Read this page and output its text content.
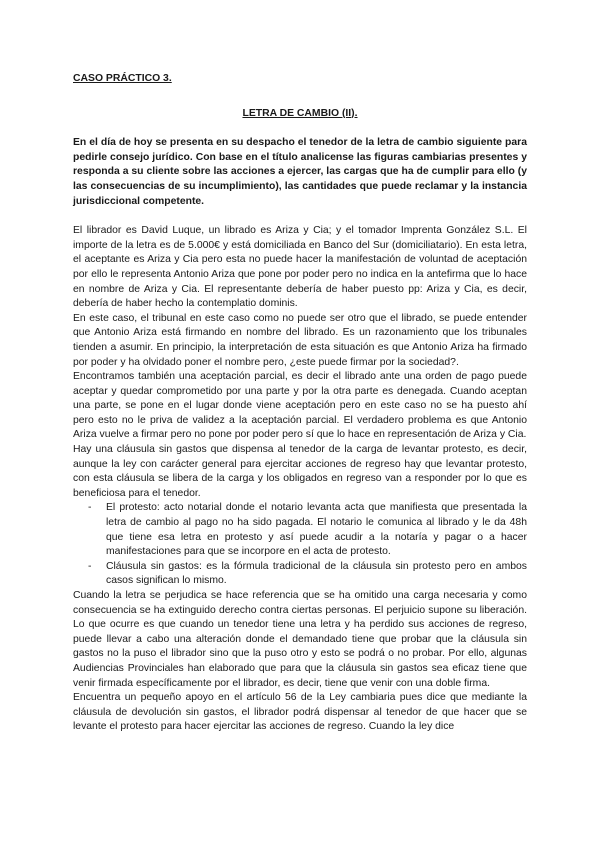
CASO PRÁCTICO 3.

LETRA DE CAMBIO (II).

En el día de hoy se presenta en su despacho el tenedor de la letra de cambio siguiente para pedirle consejo jurídico. Con base en el título analicense las figuras cambiarias presentes y responda a su cliente sobre las acciones a ejercer, las cargas que ha de cumplir para ello (y las consecuencias de su incumplimiento), las cantidades que puede reclamar y la instancia jurisdiccional competente.

El librador es David Luque, un librado es Ariza y Cia; y el tomador Imprenta González S.L. El importe de la letra es de 5.000€ y está domiciliada en Banco del Sur (domiciliatario). En esta letra, el aceptante es Ariza y Cia pero esta no puede hacer la manifestación de voluntad de aceptación por ello le representa Antonio Ariza que pone por poder pero no indica en la antefirma que lo hace en nombre de Ariza y Cia. El representante debería de haber puesto pp: Ariza y Cia, es decir, debería de haber hecho la contemplatio dominis.

En este caso, el tribunal en este caso como no puede ser otro que el librado, se puede entender que Antonio Ariza está firmando en nombre del librado. Es un razonamiento que los tribunales tienden a asumir. En principio, la interpretación de esta situación es que Antonio Ariza ha firmado por poder y ha olvidado poner el nombre pero, ¿este puede firmar por la sociedad?.

Encontramos también una aceptación parcial, es decir el librado ante una orden de pago puede aceptar y quedar comprometido por una parte y por la otra parte es denegada. Cuando aceptan una parte, se pone en el lugar donde viene aceptación pero en este caso no se ha puesto ahí pero esto no le priva de validez a la aceptación parcial. El verdadero problema es que Antonio Ariza vuelve a firmar pero no pone por poder pero sí que lo hace en representación de Ariza y Cia.

Hay una cláusula sin gastos que dispensa al tenedor de la carga de levantar protesto, es decir, aunque la ley con carácter general para ejercitar acciones de regreso hay que levantar protesto, con esta cláusula se libera de la carga y los obligados en regreso van a responder por lo que es beneficiosa para el tenedor.

- El protesto: acto notarial donde el notario levanta acta que manifiesta que presentada la letra de cambio al pago no ha sido pagada. El notario le comunica al librado y le da 48h que tiene esa letra en protesto y así puede acudir a la notaría y pagar o a hacer manifestaciones para que se incorpore en el acta de protesto.
- Cláusula sin gastos: es la fórmula tradicional de la cláusula sin protesto pero en ambos casos significan lo mismo.

Cuando la letra se perjudica se hace referencia que se ha omitido una carga necesaria y como consecuencia se ha extinguido derecho contra ciertas personas. El perjuicio supone su liberación. Lo que ocurre es que cuando un tenedor tiene una letra y ha perdido sus acciones de regreso, puede llevar a cabo una alteración donde el demandado tiene que probar que la cláusula sin gastos no la puso el librador sino que la puso otro y esto se podrá o no probar. Por ello, algunas Audiencias Provinciales han elaborado que para que la cláusula sin gastos sea eficaz tiene que venir firmada específicamente por el librador, es decir, tiene que venir con una doble firma.

Encuentra un pequeño apoyo en el artículo 56 de la Ley cambiaria pues dice que mediante la cláusula de devolución sin gastos, el librador podrá dispensar al tenedor de que hacer que se levante el protesto para hacer ejercitar las acciones de regreso. Cuando la ley dice
